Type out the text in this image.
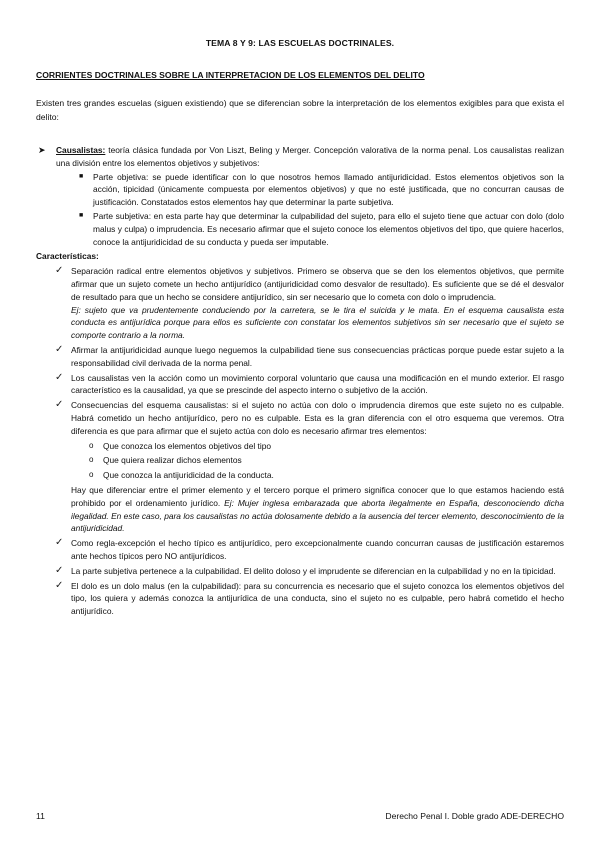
TEMA 8 Y 9: LAS ESCUELAS DOCTRINALES.
CORRIENTES DOCTRINALES SOBRE LA INTERPRETACION DE LOS ELEMENTOS DEL DELITO
Existen tres grandes escuelas (siguen existiendo) que se diferencian sobre la interpretación de los elementos exigibles para que exista el delito:
➤ Causalistas: teoría clásica fundada por Von Liszt, Beling y Merger. Concepción valorativa de la norma penal. Los causalistas realizan una división entre los elementos objetivos y subjetivos:
■ Parte objetiva: se puede identificar con lo que nosotros hemos llamado antijuridicidad. Estos elementos objetivos son la acción, tipicidad (únicamente compuesta por elementos objetivos) y que no esté justificada, que no concurran causas de justificación. Constatados estos elementos hay que determinar la parte subjetiva.
■ Parte subjetiva: en esta parte hay que determinar la culpabilidad del sujeto, para ello el sujeto tiene que actuar con dolo (dolo malus y culpa) o imprudencia. Es necesario afirmar que el sujeto conoce los elementos objetivos del tipo, que quiere hacerlos, conoce la antijuridicidad de su conducta y pueda ser imputable.
Características:
✓ Separación radical entre elementos objetivos y subjetivos. Primero se observa que se den los elementos objetivos, que permite afirmar que un sujeto comete un hecho antijurídico (antijuridicidad como desvalor de resultado). Es suficiente que se dé el desvalor de resultado para que un hecho se considere antijurídico, sin ser necesario que lo cometa con dolo o imprudencia.
Ej: sujeto que va prudentemente conduciendo por la carretera, se le tira el suicida y le mata. En el esquema causalista esta conducta es antijurídica porque para ellos es suficiente con constatar los elementos subjetivos sin ser necesario que el sujeto se comporte contrario a la norma.
✓ Afirmar la antijuridicidad aunque luego neguemos la culpabilidad tiene sus consecuencias prácticas porque puede estar sujeto a la responsabilidad civil derivada de la norma penal.
✓ Los causalistas ven la acción como un movimiento corporal voluntario que causa una modificación en el mundo exterior. El rasgo característico es la causalidad, ya que se prescinde del aspecto interno o subjetivo de la acción.
✓ Consecuencias del esquema causalistas: si el sujeto no actúa con dolo o imprudencia diremos que este sujeto no es culpable. Habrá cometido un hecho antijurídico, pero no es culpable. Esta es la gran diferencia con el otro esquema que veremos. Otra diferencia es que para afirmar que el sujeto actúa con dolo es necesario afirmar tres elementos:
o Que conozca los elementos objetivos del tipo
o Que quiera realizar dichos elementos
o Que conozca la antijuridicidad de la conducta.
Hay que diferenciar entre el primer elemento y el tercero porque el primero significa conocer que lo que estamos haciendo está prohibido por el ordenamiento jurídico. Ej: Mujer inglesa embarazada que aborta ilegalmente en España, desconociendo dicha ilegalidad. En este caso, para los causalistas no actúa dolosamente debido a la ausencia del tercer elemento, desconocimiento de la antijuridicidad.
✓ Como regla-excepción el hecho típico es antijurídico, pero excepcionalmente cuando concurran causas de justificación estaremos ante hechos típicos pero NO antijurídicos.
✓ La parte subjetiva pertenece a la culpabilidad. El delito doloso y el imprudente se diferencian en la culpabilidad y no en la tipicidad.
✓ El dolo es un dolo malus (en la culpabilidad): para su concurrencia es necesario que el sujeto conozca los elementos objetivos del tipo, los quiera y además conozca la antijurídica de una conducta, sino el sujeto no es culpable, pero habrá cometido el hecho antijurídico.
11	Derecho Penal I. Doble grado ADE-DERECHO
